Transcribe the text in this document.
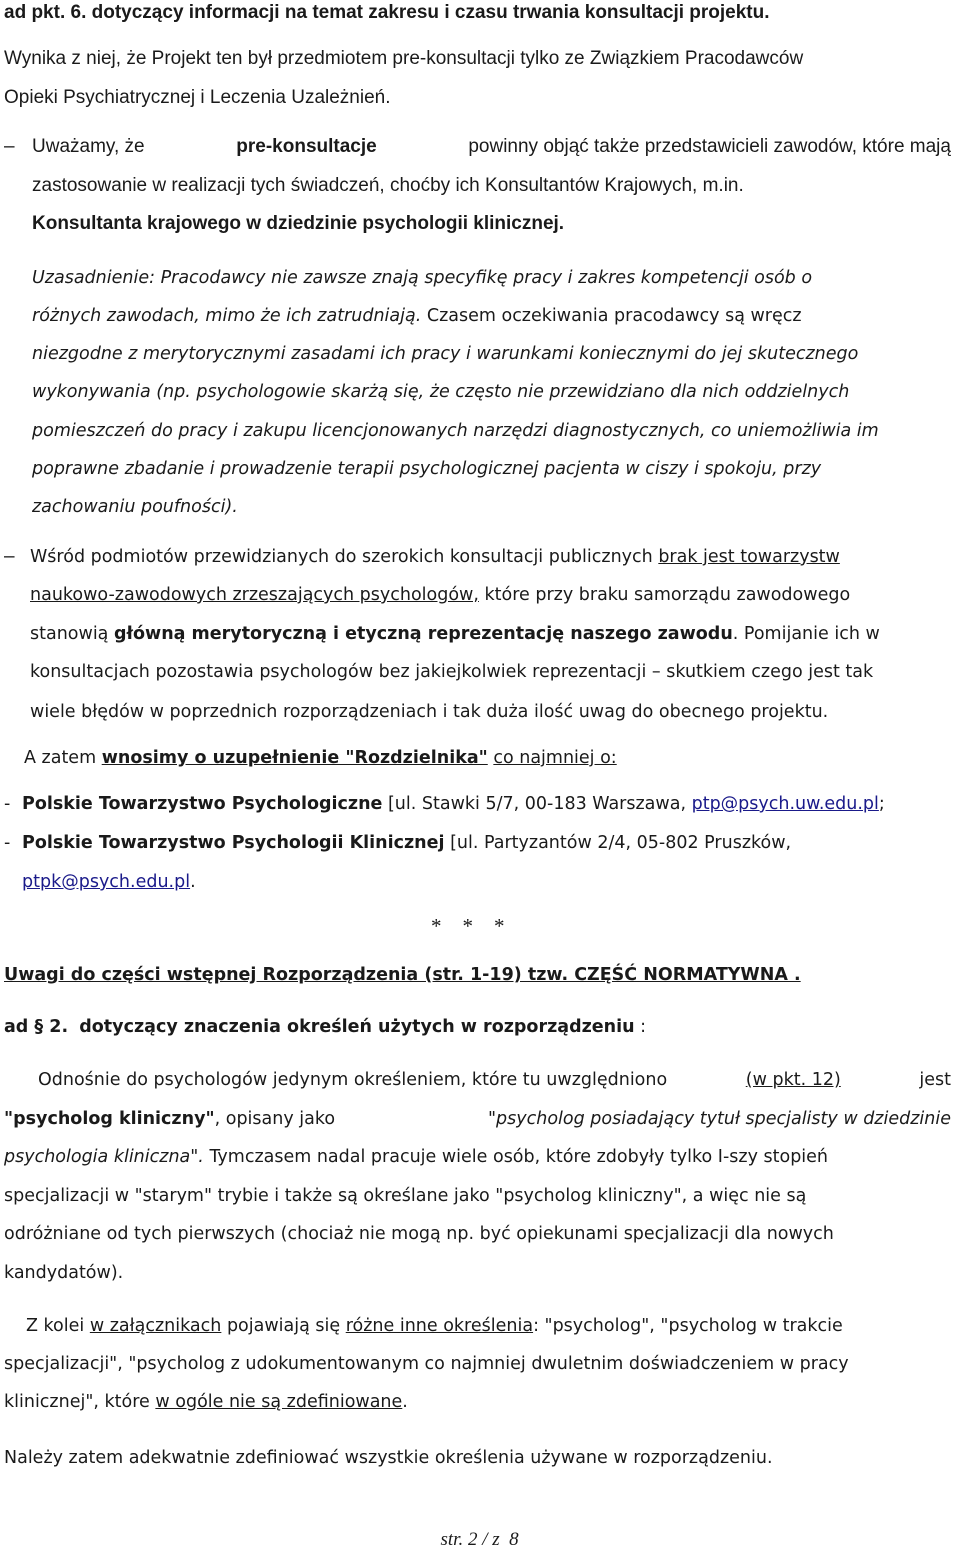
ad pkt. 6. dotyczący informacji na temat zakresu i czasu trwania konsultacji projektu.
Wynika z niej, że Projekt ten był przedmiotem pre-konsultacji tylko ze Związkiem Pracodawców
Opieki Psychiatrycznej i Leczenia Uzależnień.
– Uważamy, że	pre-konsultacje	powinny objąć także przedstawicieli zawodów, które mają
zastosowanie w realizacji tych świadczeń, choćby ich Konsultantów Krajowych, m.in.
Konsultanta krajowego w dziedzinie psychologii klinicznej.
Uzasadnienie: Pracodawcy nie zawsze znają specyfikę pracy i zakres kompetencji osób o
różnych zawodach, mimo że ich zatrudniają. Czasem oczekiwania pracodawcy są wręcz
niezgodne z merytorycznymi zasadami ich pracy i warunkami koniecznymi do jej skutecznego
wykonywania (np. psychologowie skarżą się, że często nie przewidziano dla nich oddzielnych
pomieszczeń do pracy i zakupu licencjonowanych narzędzi diagnostycznych, co uniemożliwia im
poprawne zbadanie i prowadzenie terapii psychologicznej pacjenta w ciszy i spokoju, przy
zachowaniu poufności).
– Wśród podmiotów przewidzianych do szerokich konsultacji publicznych brak jest towarzystw
naukowo-zawodowych zrzeszających psychologów, które przy braku samorządu zawodowego
stanowią główną merytoryczną i etyczną reprezentację naszego zawodu. Pomijanie ich w
konsultacjach pozostawia psychologów bez jakiejkolwiek reprezentacji – skutkiem czego jest tak
wiele błędów w poprzednich rozporządzeniach i tak duża ilość uwag do obecnego projektu.
A zatem wnosimy o uzupełnienie "Rozdzielnika" co najmniej o:
- Polskie Towarzystwo Psychologiczne [ul. Stawki 5/7, 00-183 Warszawa, ptp@psych.uw.edu.pl;
- Polskie Towarzystwo Psychologii Klinicznej [ul. Partyzantów 2/4, 05-802 Pruszków,
ptpk@psych.edu.pl.
*    *    *
Uwagi do części wstępnej Rozporządzenia (str. 1-19) tzw. CZĘŚĆ NORMATYWNA .
ad § 2. dotyczący znaczenia określeń użytych w rozporządzeniu :
Odnośnie do psychologów jedynym określeniem, które tu uwzględniono	(w pkt. 12)	jest
"psycholog kliniczny", opisany jako
	"psycholog posiadający tytuł specjalisty w dziedzinie
psychologia kliniczna". Tymczasem nadal pracuje wiele osób, które zdobyły tylko I-szy stopień
specjalizacji w "starym" trybie i także są określane jako "psycholog kliniczny", a więc nie są
odróżniane od tych pierwszych (chociaż nie mogą np. być opiekunami specjalizacji dla nowych
kandydatów).
Z kolei w załącznikach pojawiają się różne inne określenia: "psycholog", "psycholog w trakcie
specjalizacji", "psycholog z udokumentowanym co najmniej dwuletnim doświadczeniem w pracy
klinicznej", które w ogóle nie są zdefiniowane.
Należy zatem adekwatnie zdefiniować wszystkie określenia używane w rozporządzeniu.

str. 2 / z 8
